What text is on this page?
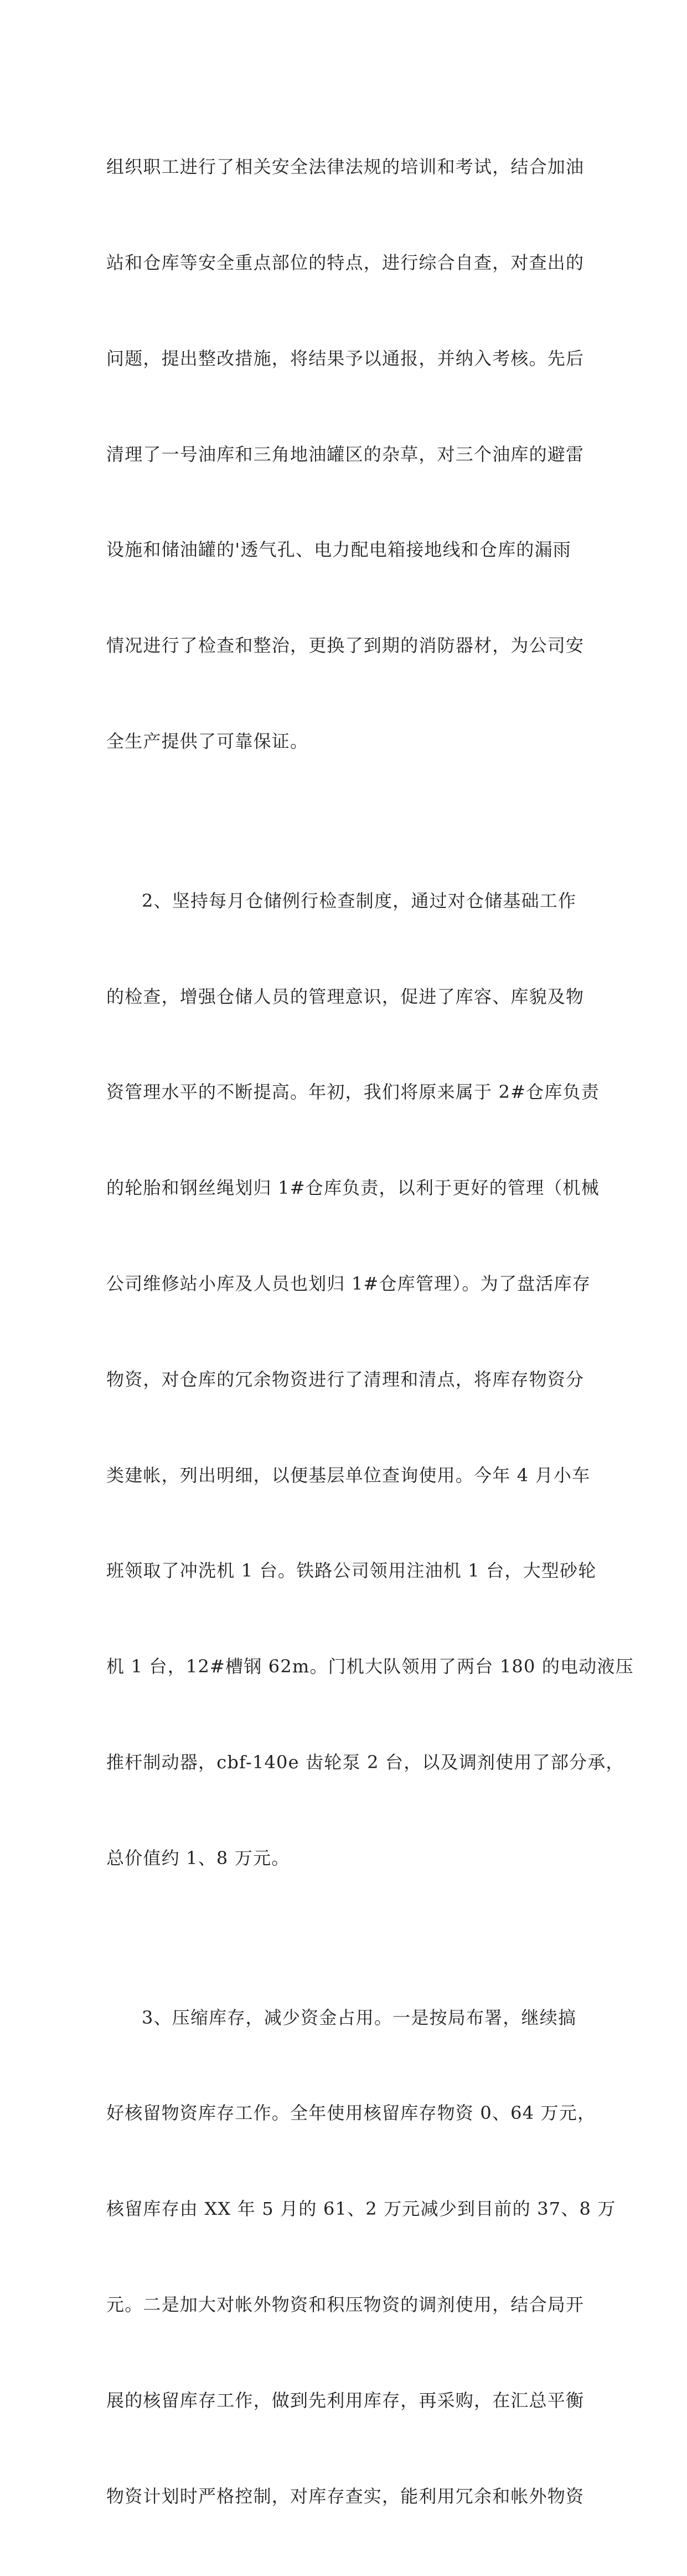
组织职工进行了相关安全法律法规的培训和考试，结合加油

站和仓库等安全重点部位的特点，进行综合自查，对查出的

问题，提出整改措施，将结果予以通报，并纳入考核。先后

清理了一号油库和三角地油罐区的杂草，对三个油库的避雷

设施和储油罐的'透气孔、电力配电箱接地线和仓库的漏雨

情况进行了检查和整治，更换了到期的消防器材，为公司安

全生产提供了可靠保证。

2、坚持每月仓储例行检查制度，通过对仓储基础工作

的检查，增强仓储人员的管理意识，促进了库容、库貌及物

资管理水平的不断提高。年初，我们将原来属于 2#仓库负责

的轮胎和钢丝绳划归 1#仓库负责，以利于更好的管理（机械

公司维修站小库及人员也划归 1#仓库管理）。为了盘活库存

物资，对仓库的冗余物资进行了清理和清点，将库存物资分

类建帐，列出明细，以便基层单位查询使用。今年 4 月小车

班领取了冲洗机 1 台。铁路公司领用注油机 1 台，大型砂轮

机 1 台，12#槽钢 62m。门机大队领用了两台 180 的电动液压

推杆制动器，cbf-140e 齿轮泵 2 台，以及调剂使用了部分承，

总价值约 1、8 万元。

3、压缩库存，减少资金占用。一是按局布署，继续搞

好核留物资库存工作。全年使用核留库存物资 0、64 万元，

核留库存由 XX 年 5 月的 61、2 万元减少到目前的 37、8 万

元。二是加大对帐外物资和积压物资的调剂使用，结合局开

展的核留库存工作，做到先利用库存，再采购，在汇总平衡

物资计划时严格控制，对库存查实，能利用冗余和帐外物资
